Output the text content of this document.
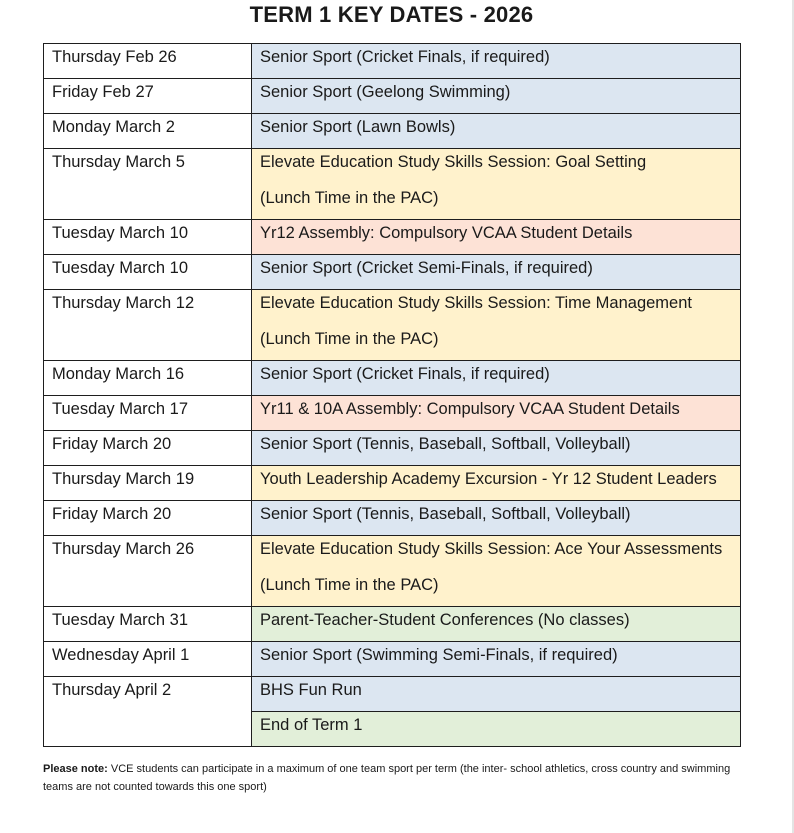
TERM 1 KEY DATES - 2026
Thursday Feb 26	Senior Sport (Cricket Finals, if required)
Friday Feb 27	Senior Sport (Geelong Swimming)
Monday March 2	Senior Sport (Lawn Bowls)
Thursday March 5	Elevate Education Study Skills Session: Goal Setting
(Lunch Time in the PAC)

Tuesday March 10	Yr12 Assembly: Compulsory VCAA Student Details
Tuesday March 10	Senior Sport (Cricket Semi-Finals, if required)
Thursday March 12	Elevate Education Study Skills Session: Time Management
(Lunch Time in the PAC)

Monday March 16	Senior Sport (Cricket Finals, if required)
Tuesday March 17	Yr11 & 10A Assembly: Compulsory VCAA Student Details
Friday March 20	Senior Sport (Tennis, Baseball, Softball, Volleyball)
Thursday March 19	Youth Leadership Academy Excursion - Yr 12 Student Leaders
Friday March 20	Senior Sport (Tennis, Baseball, Softball, Volleyball)
Thursday March 26	Elevate Education Study Skills Session: Ace Your Assessments
(Lunch Time in the PAC)

Tuesday March 31	Parent-Teacher-Student Conferences (No classes)
Wednesday April 1	Senior Sport (Swimming Semi-Finals, if required)
Thursday April 2	BHS Fun Run
	End of Term 1

Please note: VCE students can participate in a maximum of one team sport per term (the inter- school athletics, cross country and swimming teams are not counted towards this one sport)
